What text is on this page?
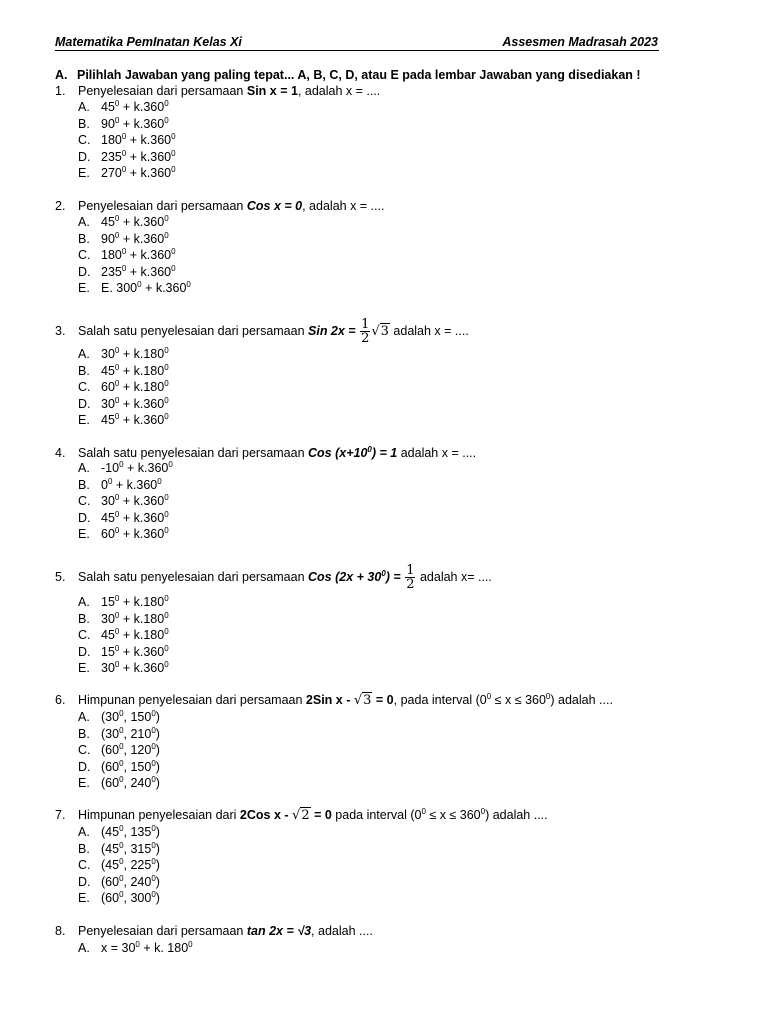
Matematika PemInatan Kelas Xi	Assesmen Madrasah 2023
A. Pilihlah Jawaban yang paling tepat... A, B, C, D, atau E pada lembar Jawaban yang disediakan !
1. Penyelesaian dari persamaan Sin x = 1, adalah x = ....
A. $45^0 + k.360^0$
B. $90^0 + k.360^0$
C. $180^0 + k.360^0$
D. $235^0 + k.360^0$
E. $270^0 + k.360^0$
2. Penyelesaian dari persamaan Cos x = 0, adalah x = ....
A. $45^0 + k.360^0$
B. $90^0 + k.360^0$
C. $180^0 + k.360^0$
D. $235^0 + k.360^0$
E. E. $300^0 + k.360^0$
3. Salah satu penyelesaian dari persamaan Sin $2x = \frac{1}{2} √3$ adalah x = ....
A. $30^0 + k.180^0$
B. $45^0 + k.180^0$
C. $60^0 + k.180^0$
D. $30^0 + k.360^0$
E. $45^0 + k.360^0$
4. Salah satu penyelesaian dari persamaan Cos $(x+10^0) = 1$ adalah x = ....
A. $-10^0 + k.360^0$
B. $0^0 + k.360^0$
C. $30^0 + k.360^0$
D. $45^0 + k.360^0$
E. $60^0 + k.360^0$
5. Salah satu penyelesaian dari persamaan Cos $(2x + 30^0) = \frac{1}{2}$ adalah x= ....
A. $15^0 + k.180^0$
B. $30^0 + k.180^0$
C. $45^0 + k.180^0$
D. $15^0 + k.360^0$
E. $30^0 + k.360^0$
6. Himpunan penyelesaian dari persamaan 2Sin x - √3 = 0, pada interval $(0^0 \le x \le 360^0)$ adalah ....
A. ($30^0$, $150^0$)
B. ($30^0$, $210^0$)
C. ($60^0$, $120^0$)
D. ($60^0$, $150^0$)
E. ($60^0$, $240^0$)
7. Himpunan penyelesaian dari 2Cos x - √2 = 0 pada interval $(0^0 \le x \le 360^0)$ adalah ....
A. ($45^0$, $135^0$)
B. ($45^0$, $315^0$)
C. ($45^0$, $225^0$)
D. ($60^0$, $240^0$)
E. ($60^0$, $300^0$)
8. Penyelesaian dari persamaan tan 2x = √3, adalah ....
A. $x = 30^0 + k$. $180^0$
